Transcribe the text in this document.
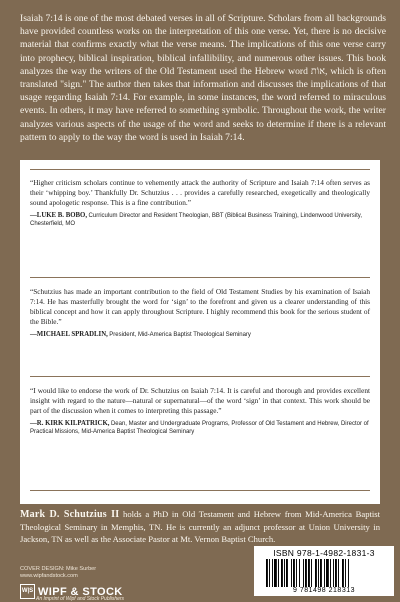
Isaiah 7:14 is one of the most debated verses in all of Scripture. Scholars from all backgrounds have provided countless works on the interpretation of this one verse. Yet, there is no decisive material that confirms exactly what the verse means. The implications of this one verse carry into prophecy, biblical inspiration, biblical infallibility, and numerous other issues. This book analyzes the way the writers of the Old Testament used the Hebrew word אוֹת, which is often translated "sign." The author then takes that information and discusses the implications of that usage regarding Isaiah 7:14. For example, in some instances, the word referred to miraculous events. In others, it may have referred to something symbolic. Throughout the work, the writer analyzes various aspects of the usage of the word and seeks to determine if there is a relevant pattern to apply to the way the word is used in Isaiah 7:14.
“Higher criticism scholars continue to vehemently attack the authority of Scripture and Isaiah 7:14 often serves as their ‘whipping boy.’ Thankfully Dr. Schutzius . . . provides a carefully researched, exegetically and theologically sound apologetic response. This is a fine contribution.”
—LUKE B. BOBO, Curriculum Director and Resident Theologian, BBT (Biblical Business Training), Lindenwood University, Chesterfield, MO
“Schutzius has made an important contribution to the field of Old Testament Studies by his examination of Isaiah 7:14. He has masterfully brought the word for ‘sign’ to the forefront and given us a clearer understanding of this biblical concept and how it can apply throughout Scripture. I highly recommend this book for the serious student of the Bible.”
—MICHAEL SPRADLIN, President, Mid-America Baptist Theological Seminary
“I would like to endorse the work of Dr. Schutzius on Isaiah 7:14. It is careful and thorough and provides excellent insight with regard to the nature—natural or supernatural—of the word ‘sign’ in that context. This work should be part of the discussion when it comes to interpreting this passage.”
—R. KIRK KILPATRICK, Dean, Master and Undergraduate Programs, Professor of Old Testament and Hebrew, Director of Practical Missions, Mid-America Baptist Theological Seminary
Mark D. Schutzius II holds a PhD in Old Testament and Hebrew from Mid-America Baptist Theological Seminary in Memphis, TN. He is currently an adjunct professor at Union University in Jackson, TN as well as the Associate Pastor at Mt. Vernon Baptist Church.
COVER DESIGN: Mike Surber
www.wipfandstock.com
W|S WIPF & STOCK
An Imprint of Wipf and Stock Publishers
ISBN 978-1-4982-1831-3
9 781498 218313
